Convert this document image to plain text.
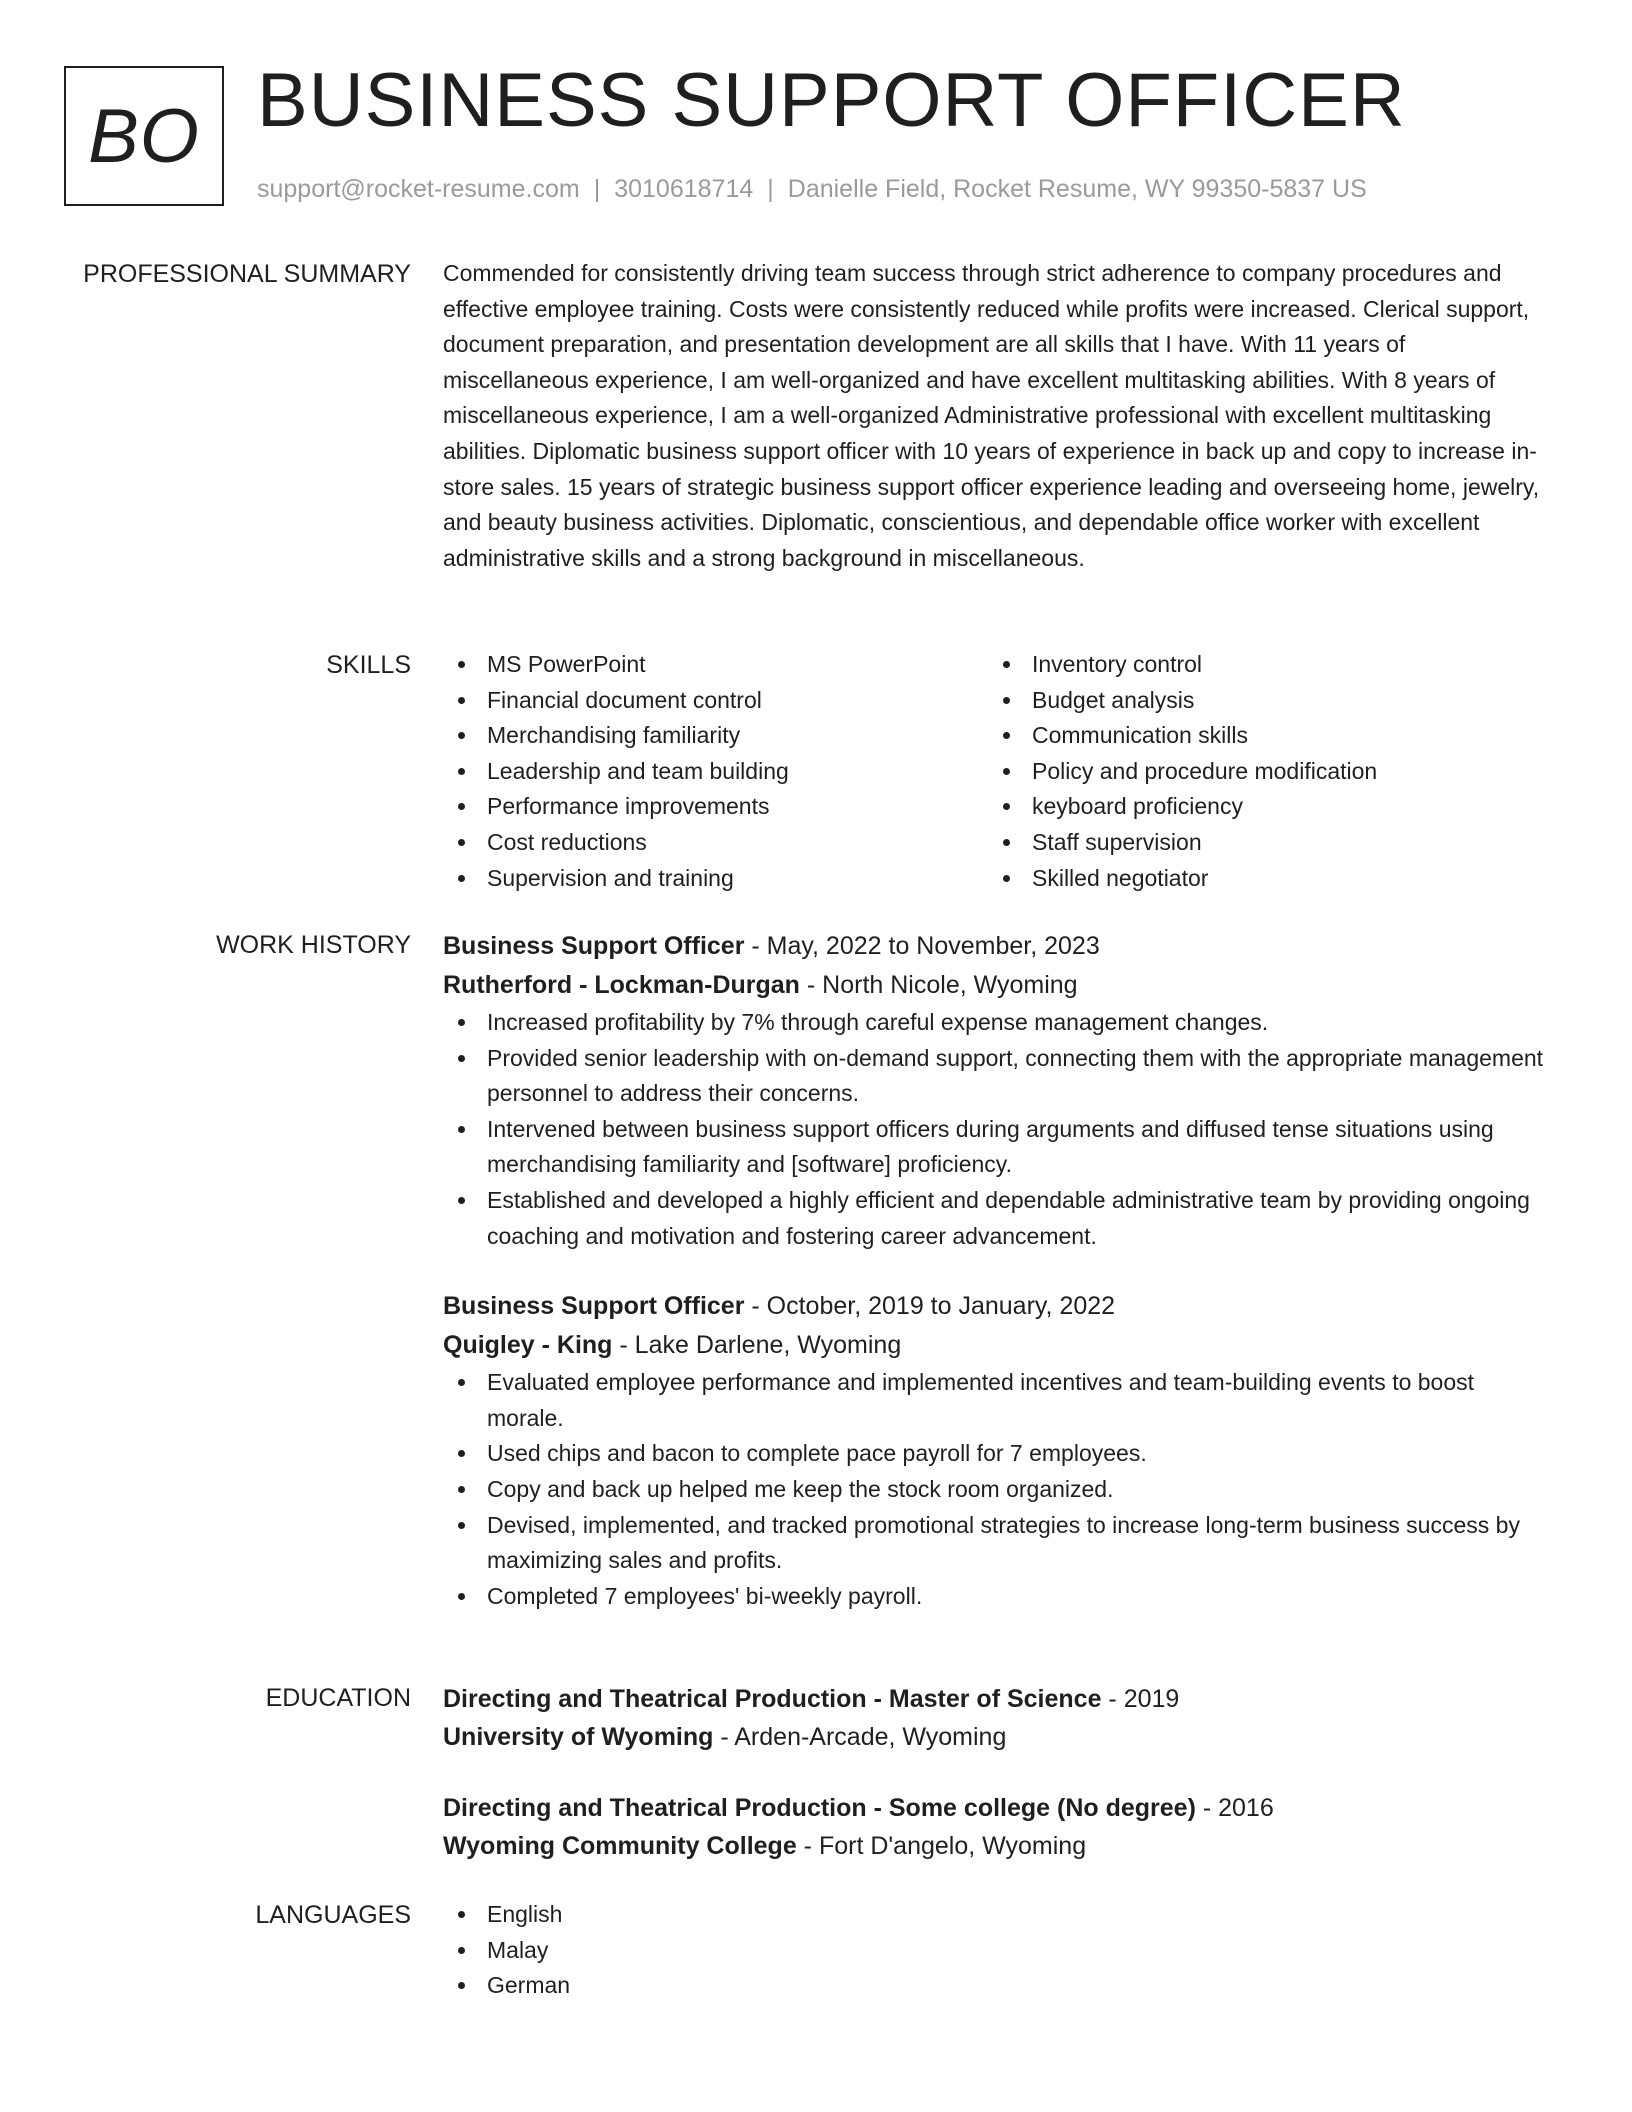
BO BUSINESS SUPPORT OFFICER
support@rocket-resume.com | 3010618714 | Danielle Field, Rocket Resume, WY 99350-5837 US
PROFESSIONAL SUMMARY Commended for consistently driving team success through strict adherence to company procedures and effective employee training. Costs were consistently reduced while profits were increased. Clerical support, document preparation, and presentation development are all skills that I have. With 11 years of miscellaneous experience, I am well-organized and have excellent multitasking abilities. With 8 years of miscellaneous experience, I am a well-organized Administrative professional with excellent multitasking abilities. Diplomatic business support officer with 10 years of experience in back up and copy to increase in-store sales. 15 years of strategic business support officer experience leading and overseeing home, jewelry, and beauty business activities. Diplomatic, conscientious, and dependable office worker with excellent administrative skills and a strong background in miscellaneous.

SKILLS	MS PowerPoint
Financial document control
Merchandising familiarity
Leadership and team building
Performance improvements
Cost reductions
Supervision and training
Inventory control
Budget analysis
Communication skills
Policy and procedure modification
keyboard proficiency
Staff supervision
Skilled negotiator
WORK HISTORY Business Support Officer - May, 2022 to November, 2023
Rutherford - Lockman-Durgan - North Nicole, Wyoming
Increased profitability by 7% through careful expense management changes.
Provided senior leadership with on-demand support, connecting them with the appropriate management personnel to address their concerns.
Intervened between business support officers during arguments and diffused tense situations using merchandising familiarity and [software] proficiency.
Established and developed a highly efficient and dependable administrative team by providing ongoing coaching and motivation and fostering career advancement.
Business Support Officer - October, 2019 to January, 2022
Quigley - King - Lake Darlene, Wyoming
Evaluated employee performance and implemented incentives and team-building events to boost morale.
Used chips and bacon to complete pace payroll for 7 employees.
Copy and back up helped me keep the stock room organized.
Devised, implemented, and tracked promotional strategies to increase long-term business success by maximizing sales and profits.
Completed 7 employees' bi-weekly payroll.
EDUCATION Directing and Theatrical Production - Master of Science - 2019
University of Wyoming - Arden-Arcade, Wyoming
Directing and Theatrical Production - Some college (No degree) - 2016
Wyoming Community College - Fort D'angelo, Wyoming
LANGUAGES	English
Malay
German
